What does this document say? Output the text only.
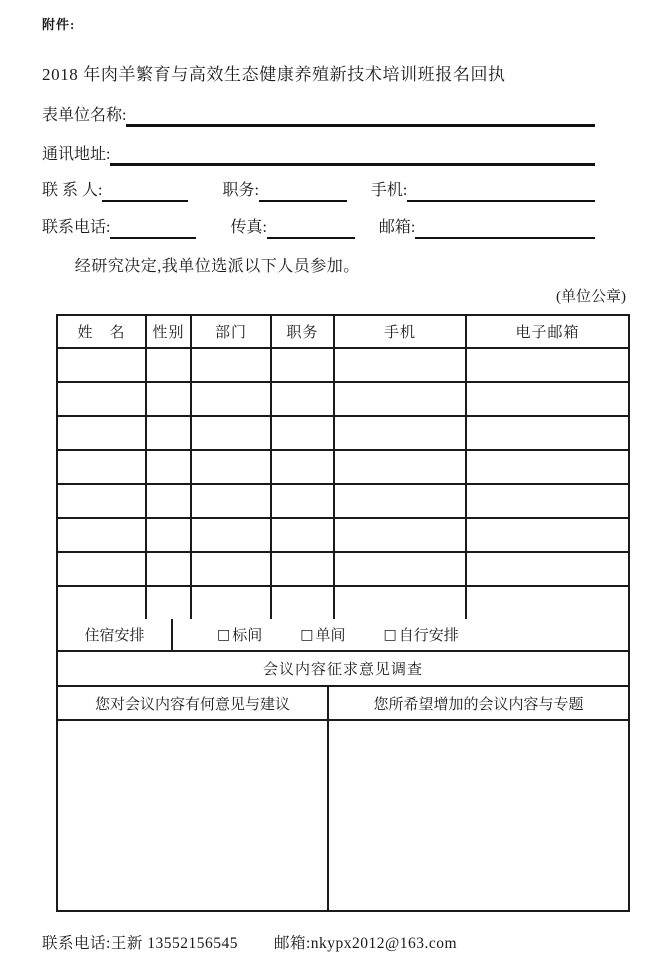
附件:
2018 年肉羊繁育与高效生态健康养殖新技术培训班报名回执
表单位名称:
通讯地址:
联 系 人:	职务:	手机:
联系电话:	传真:	邮箱:
经研究决定,我单位选派以下人员参加。
(单位公章)
姓　名	性别	部门	职务	手机	电子邮箱
住宿安排	□ 标间	□ 单间	□ 自行安排
会议内容征求意见调查
您对会议内容有何意见与建议	您所希望增加的会议内容与专题
联系电话: 王新 13552156545 邮箱: nkypx2012@163.com
